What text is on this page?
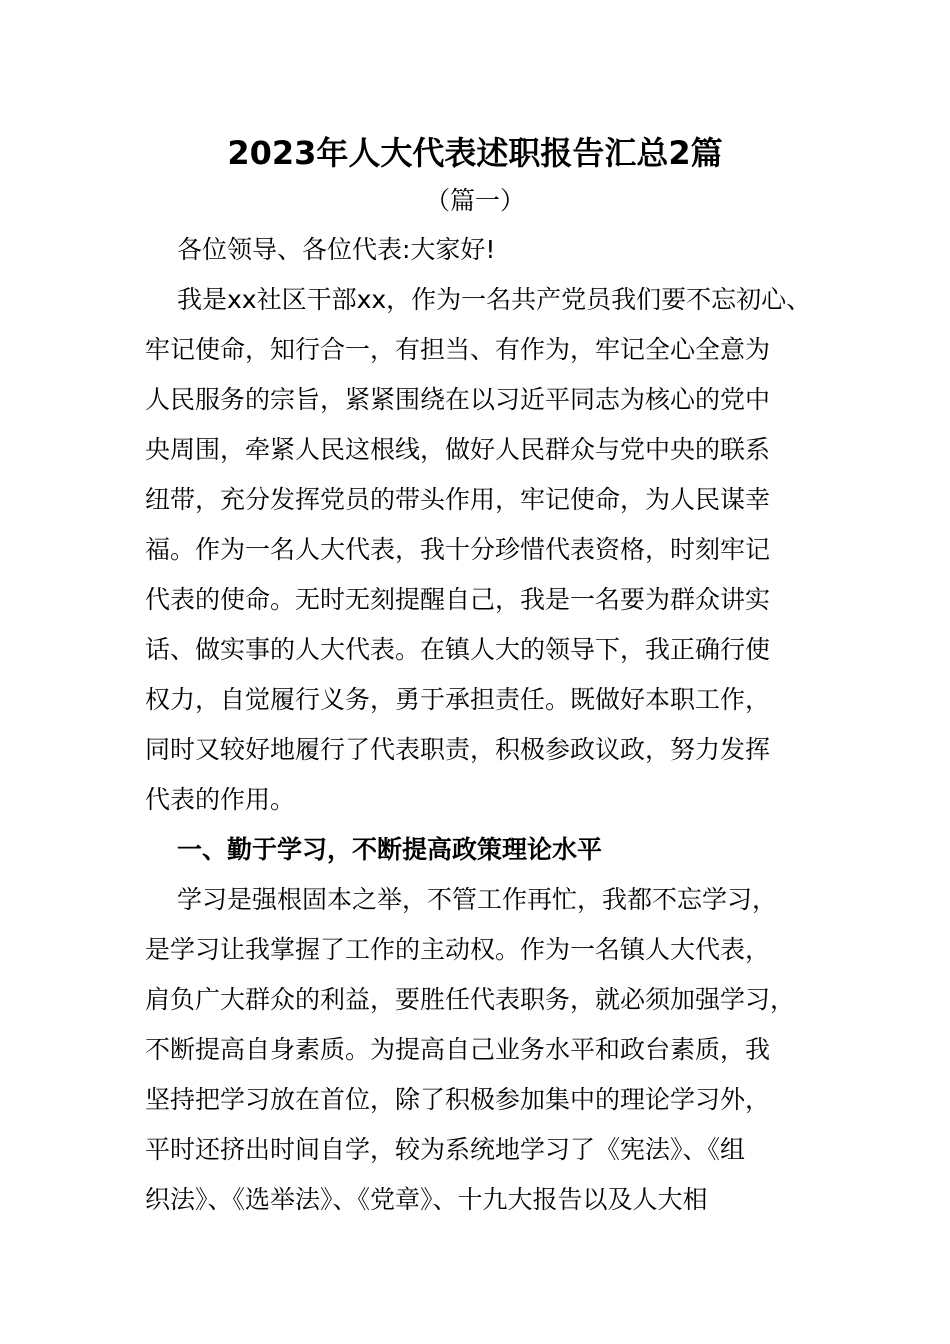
2023年人大代表述职报告汇总2篇
（篇一）
各位领导、各位代表:大家好!
我是xx社区干部xx，作为一名共产党员我们要不忘初心、
牢记使命，知行合一，有担当、有作为，牢记全心全意为
人民服务的宗旨，紧紧围绕在以习近平同志为核心的党中
央周围，牵紧人民这根线，做好人民群众与党中央的联系
纽带，充分发挥党员的带头作用，牢记使命，为人民谋幸
福。作为一名人大代表，我十分珍惜代表资格，时刻牢记
代表的使命。无时无刻提醒自己，我是一名要为群众讲实
话、做实事的人大代表。在镇人大的领导下，我正确行使
权力，自觉履行义务，勇于承担责任。既做好本职工作，
同时又较好地履行了代表职责，积极参政议政，努力发挥
代表的作用。
一、勤于学习，不断提高政策理论水平
学习是强根固本之举，不管工作再忙，我都不忘学习，
是学习让我掌握了工作的主动权。作为一名镇人大代表，
肩负广大群众的利益，要胜任代表职务，就必须加强学习，
不断提高自身素质。为提高自己业务水平和政台素质，我
坚持把学习放在首位，除了积极参加集中的理论学习外，
平时还挤出时间自学，较为系统地学习了《宪法》、《组
织法》、《选举法》、《党章》、十九大报告以及人大相
